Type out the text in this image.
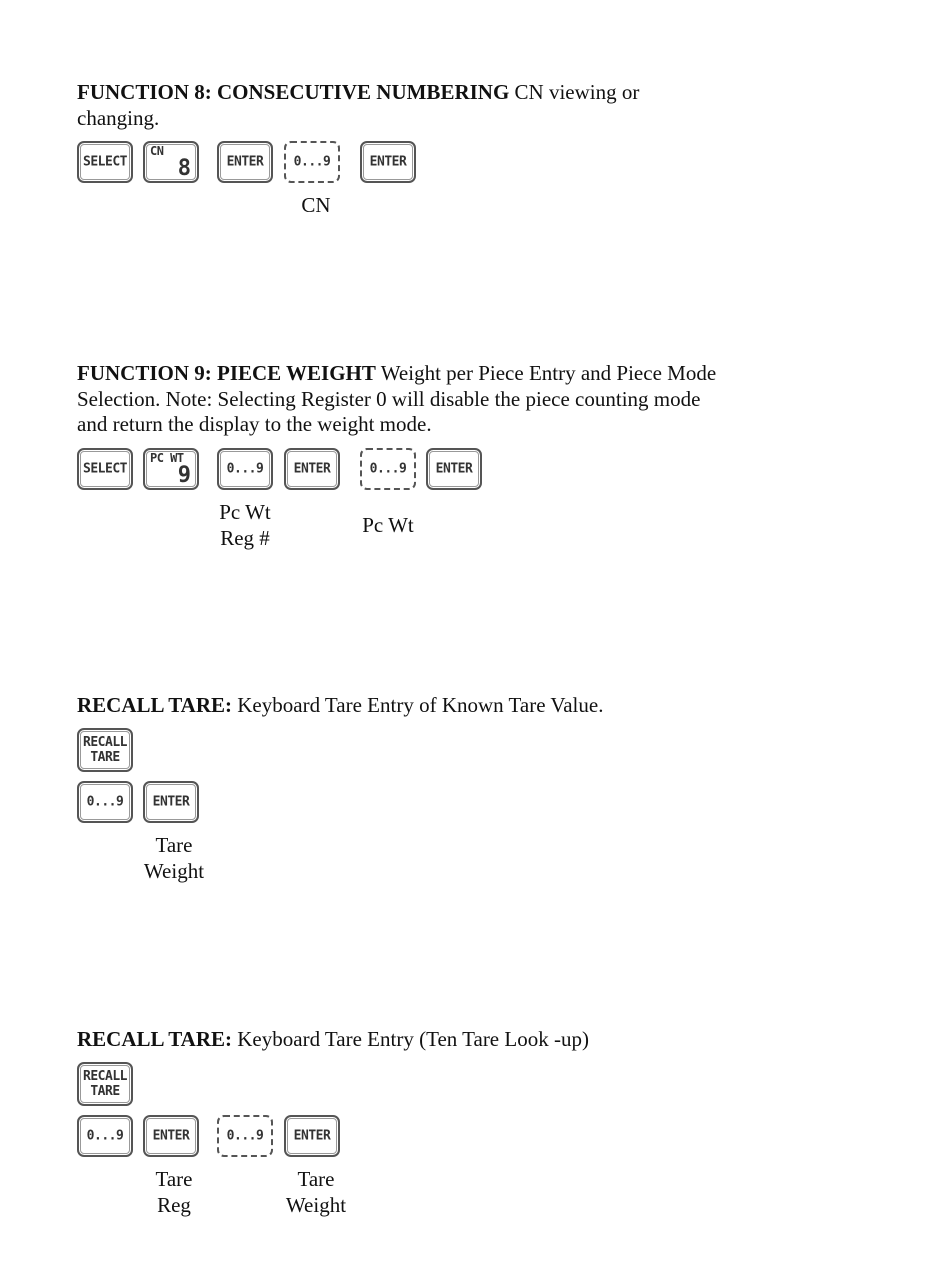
FUNCTION 8: CONSECUTIVE NUMBERING CN viewing or changing.
SELECT
CN
8	ENTER	0...9	ENTER
CN
FUNCTION 9: PIECE WEIGHT Weight per Piece Entry and Piece Mode Selection. Note: Selecting Register 0 will disable the piece counting mode and return the display to the weight mode.
SELECT
PC WT
9	0...9	ENTER	0...9	ENTER
Pc Wt
Reg #
Pc Wt
RECALL TARE: Keyboard Tare Entry of Known Tare Value.
RECALL
TARE
0...9	ENTER
Tare
Weight
RECALL TARE: Keyboard Tare Entry (Ten Tare Look -up)
RECALL
TARE
0...9	ENTER	0...9	ENTER
Tare
Reg
Tare
Weight
